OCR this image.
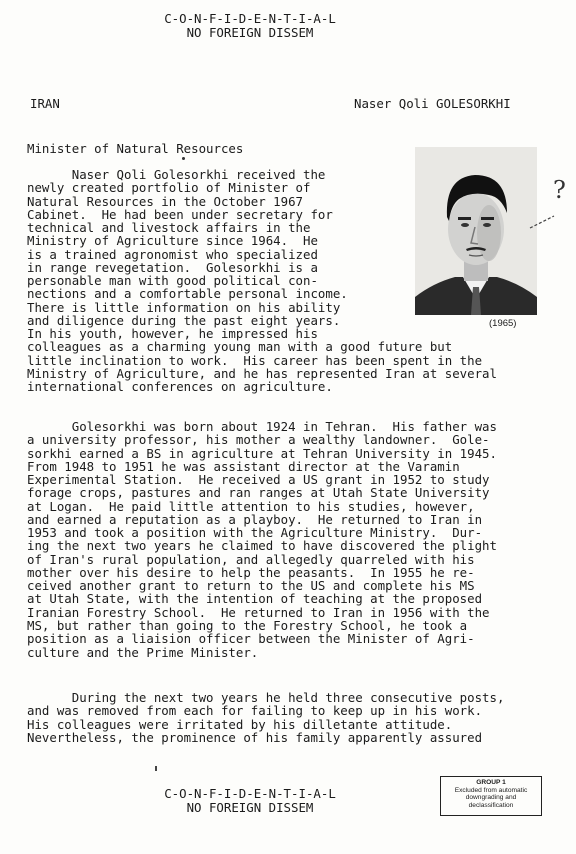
C-O-N-F-I-D-E-N-T-I-A-L
NO FOREIGN DISSEM
IRAN	Naser Qoli GOLESORKHI
Minister of Natural Resources
?
(1965)
Naser Qoli Golesorkhi received the
newly created portfolio of Minister of
Natural Resources in the October 1967
Cabinet.  He had been under secretary for
technical and livestock affairs in the
Ministry of Agriculture since 1964.  He
is a trained agronomist who specialized
in range revegetation.  Golesorkhi is a
personable man with good political con-
nections and a comfortable personal income.
There is little information on his ability
and diligence during the past eight years.
In his youth, however, he impressed his
colleagues as a charming young man with a good future but
little inclination to work.  His career has been spent in the
Ministry of Agriculture, and he has represented Iran at several
international conferences on agriculture.
Golesorkhi was born about 1924 in Tehran.  His father was
a university professor, his mother a wealthy landowner.  Gole-
sorkhi earned a BS in agriculture at Tehran University in 1945.
From 1948 to 1951 he was assistant director at the Varamin
Experimental Station.  He received a US grant in 1952 to study
forage crops, pastures and ran ranges at Utah State University
at Logan.  He paid little attention to his studies, however,
and earned a reputation as a playboy.  He returned to Iran in
1953 and took a position with the Agriculture Ministry.  Dur-
ing the next two years he claimed to have discovered the plight
of Iran's rural population, and allegedly quarreled with his
mother over his desire to help the peasants.  In 1955 he re-
ceived another grant to return to the US and complete his MS
at Utah State, with the intention of teaching at the proposed
Iranian Forestry School.  He returned to Iran in 1956 with the
MS, but rather than going to the Forestry School, he took a
position as a liaision officer between the Minister of Agri-
culture and the Prime Minister.
During the next two years he held three consecutive posts,
and was removed from each for failing to keep up in his work.
His colleagues were irritated by his dilletante attitude.
Nevertheless, the prominence of his family apparently assured
C-O-N-F-I-D-E-N-T-I-A-L
NO FOREIGN DISSEM
GROUP 1
Excluded from automatic
downgrading and
declassification
